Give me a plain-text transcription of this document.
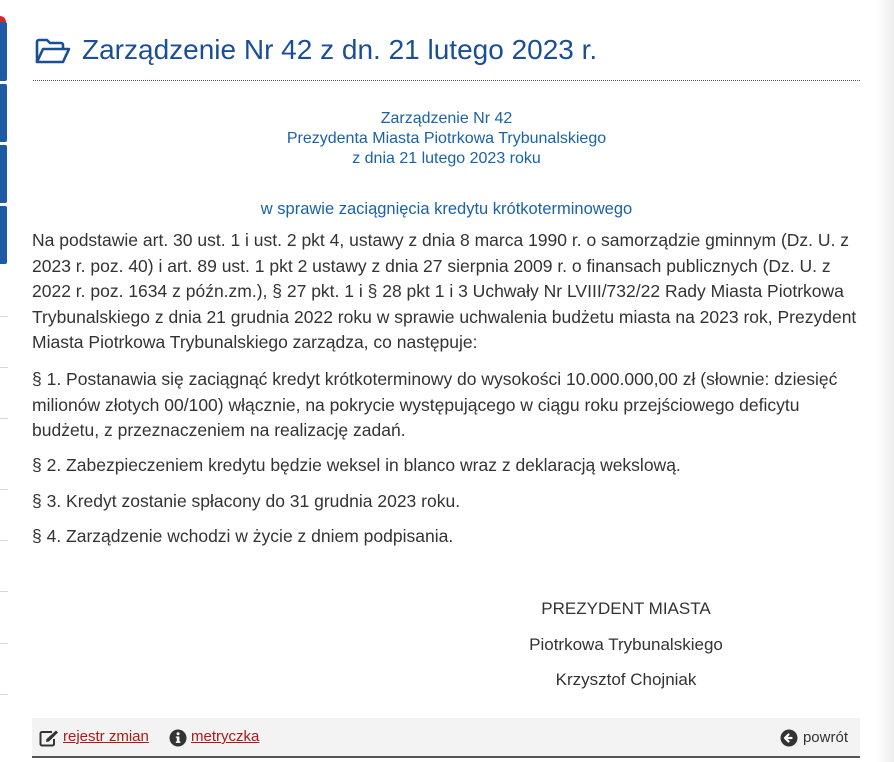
Zarządzenie Nr 42 z dn. 21 lutego 2023 r.
Zarządzenie Nr 42
Prezydenta Miasta Piotrkowa Trybunalskiego
z dnia 21 lutego 2023 roku
w sprawie zaciągnięcia kredytu krótkoterminowego

Na podstawie art. 30 ust. 1 i ust. 2 pkt 4, ustawy z dnia 8 marca 1990 r. o samorządzie gminnym (Dz. U. z 2023 r. poz. 40) i art. 89 ust. 1 pkt 2 ustawy z dnia 27 sierpnia 2009 r. o finansach publicznych (Dz. U. z 2022 r. poz. 1634 z późn.zm.), § 27 pkt. 1 i § 28 pkt 1 i 3 Uchwały Nr LVIII/732/22 Rady Miasta Piotrkowa Trybunalskiego z dnia 21 grudnia 2022 roku w sprawie uchwalenia budżetu miasta na 2023 rok, Prezydent Miasta Piotrkowa Trybunalskiego zarządza, co następuje:

§ 1. Postanawia się zaciągnąć kredyt krótkoterminowy do wysokości 10.000.000,00 zł (słownie: dziesięć milionów złotych 00/100) włącznie, na pokrycie występującego w ciągu roku przejściowego deficytu budżetu, z przeznaczeniem na realizację zadań.

§ 2. Zabezpieczeniem kredytu będzie weksel in blanco wraz z deklaracją wekslową.

§ 3. Kredyt zostanie spłacony do 31 grudnia 2023 roku.

§ 4. Zarządzenie wchodzi w życie z dniem podpisania.

PREZYDENT MIASTA
Piotrkowa Trybunalskiego
Krzysztof Chojniak
rejestr zmian	metryczka	powrót
